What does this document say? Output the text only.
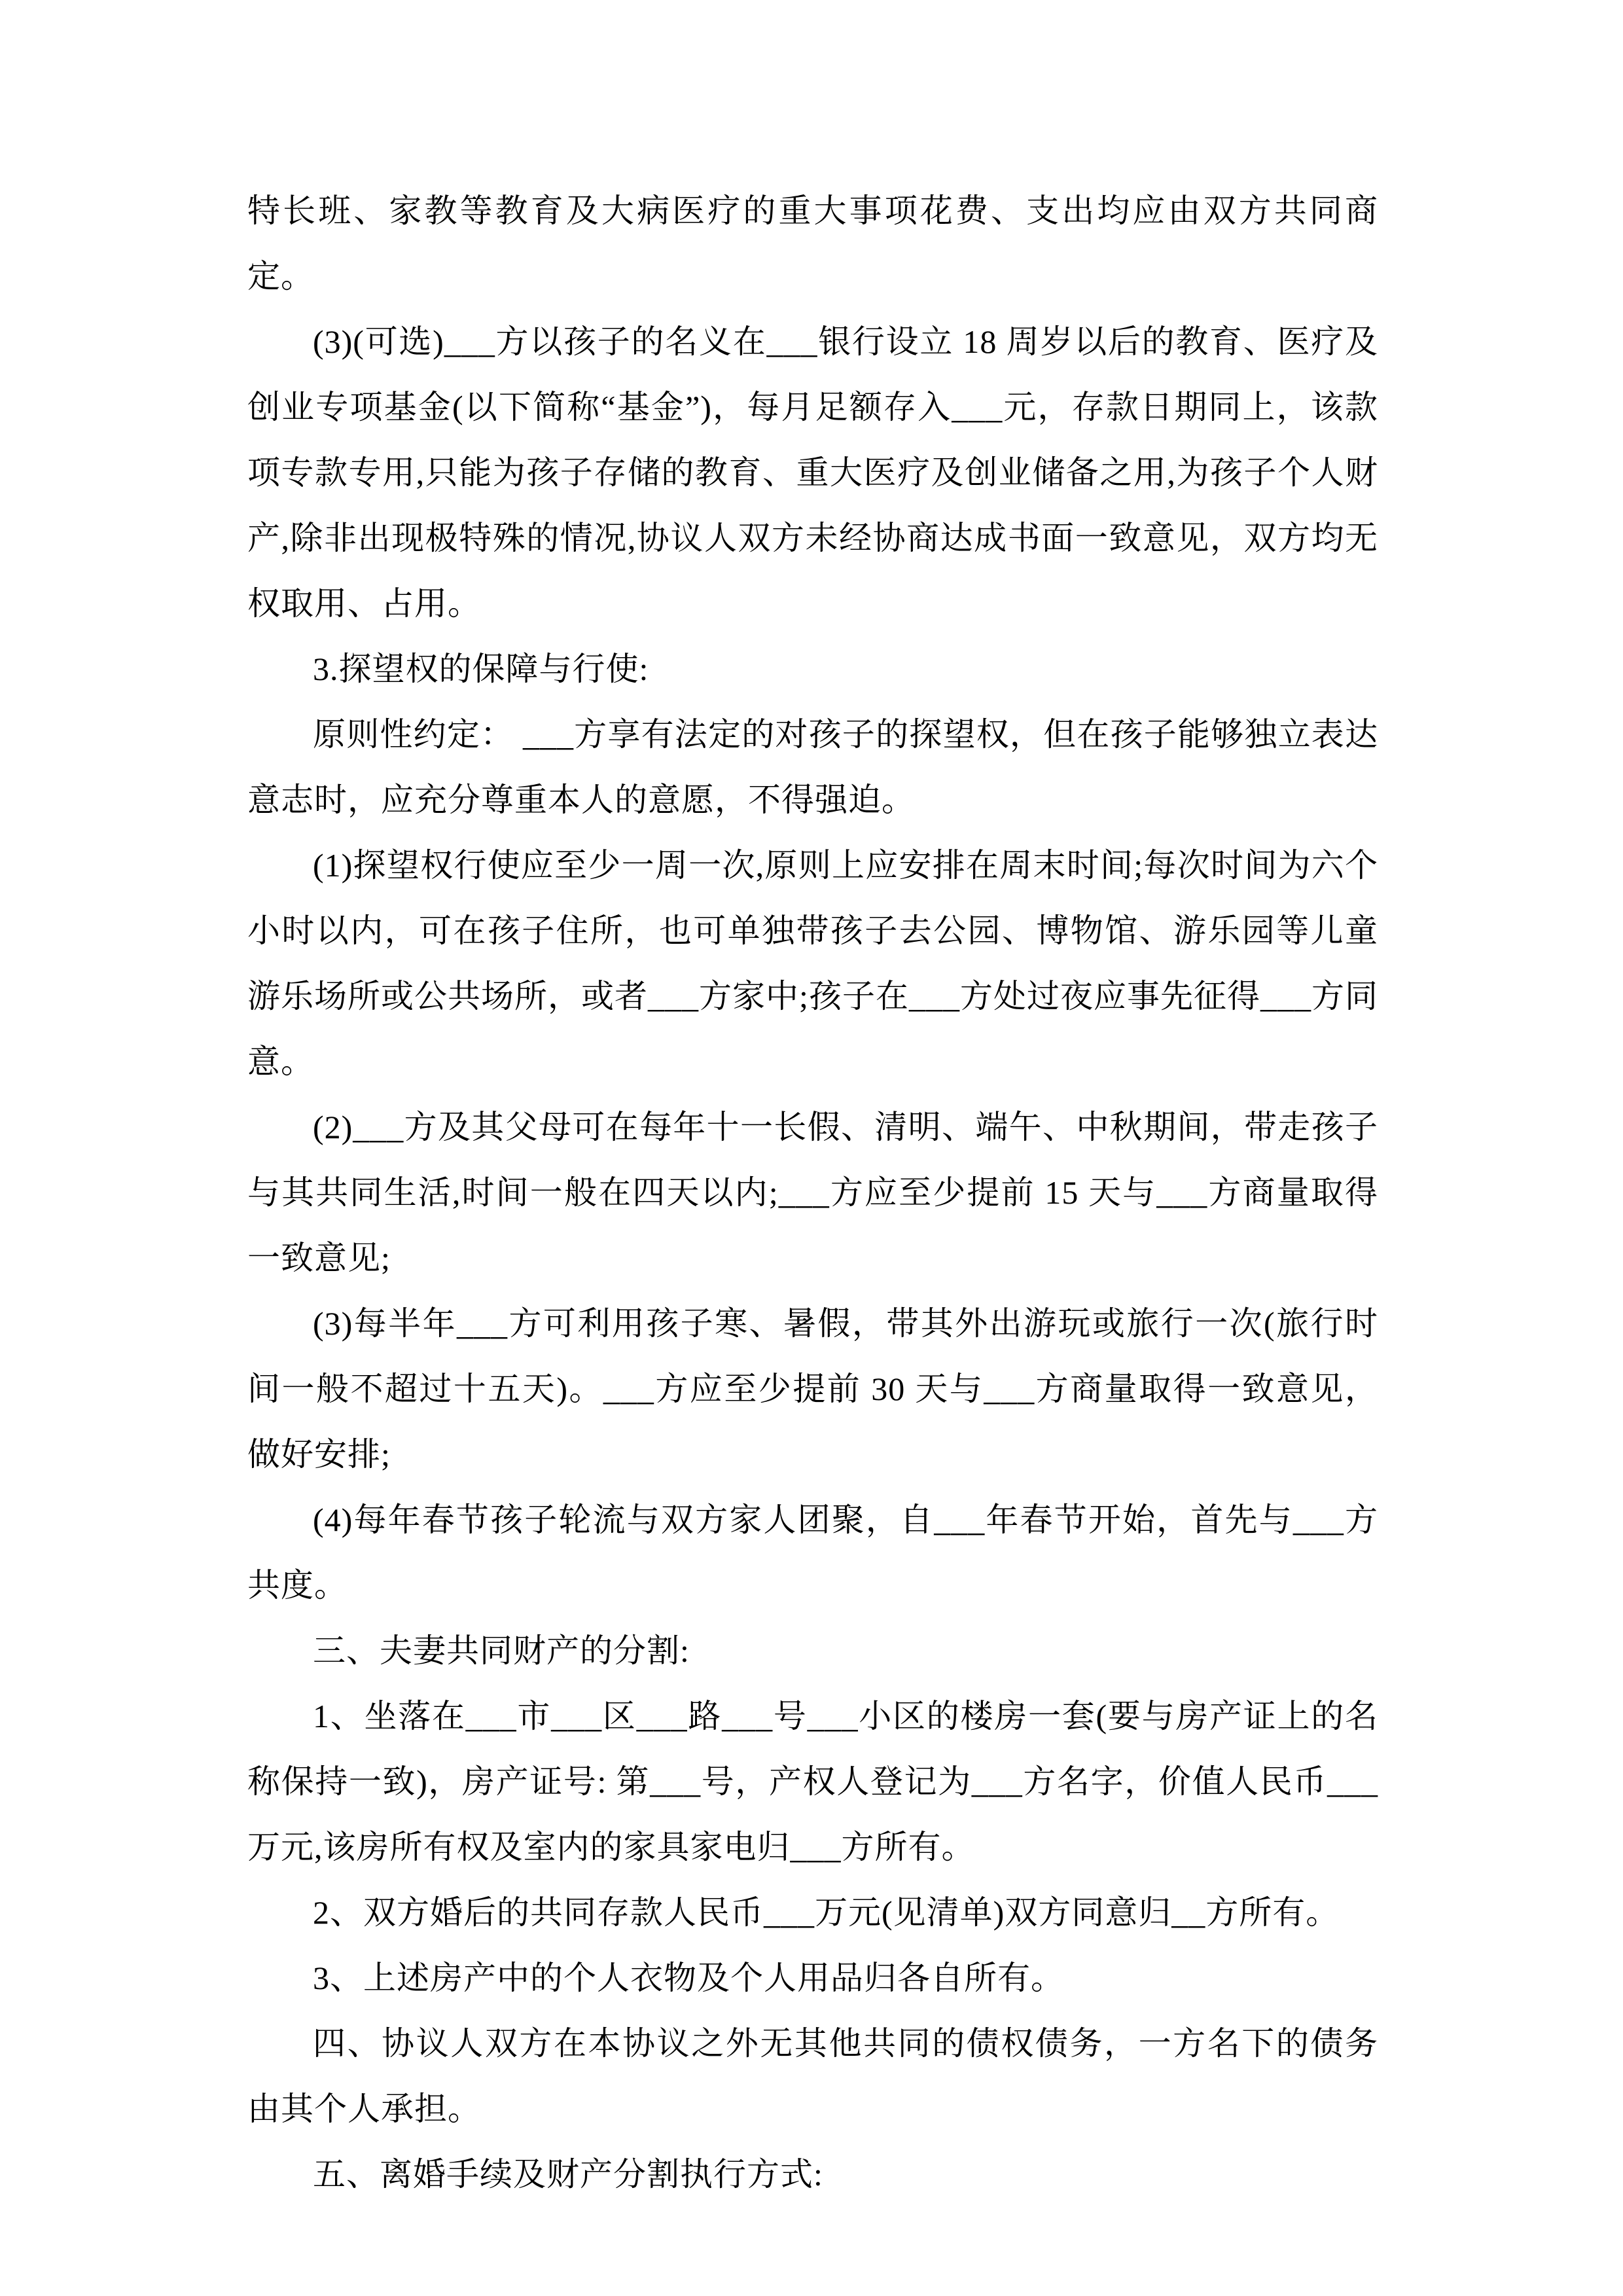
特长班、家教等教育及大病医疗的重大事项花费、支出均应由双方共同商定。

(3)(可选)___方以孩子的名义在___银行设立 18 周岁以后的教育、医疗及创业专项基金(以下简称“基金”)，每月足额存入___元，存款日期同上，该款项专款专用,只能为孩子存储的教育、重大医疗及创业储备之用,为孩子个人财产,除非出现极特殊的情况,协议人双方未经协商达成书面一致意见，双方均无权取用、占用。

3.探望权的保障与行使:

原则性约定： ___方享有法定的对孩子的探望权，但在孩子能够独立表达意志时，应充分尊重本人的意愿，不得强迫。

(1)探望权行使应至少一周一次,原则上应安排在周末时间;每次时间为六个小时以内，可在孩子住所，也可单独带孩子去公园、博物馆、游乐园等儿童游乐场所或公共场所，或者___方家中;孩子在___方处过夜应事先征得___方同意。

(2)___方及其父母可在每年十一长假、清明、端午、中秋期间，带走孩子与其共同生活,时间一般在四天以内;___方应至少提前 15 天与___方商量取得一致意见;

(3)每半年___方可利用孩子寒、暑假，带其外出游玩或旅行一次(旅行时间一般不超过十五天)。___方应至少提前 30 天与___方商量取得一致意见，做好安排;

(4)每年春节孩子轮流与双方家人团聚，自___年春节开始，首先与___方共度。

三、夫妻共同财产的分割:

1、坐落在___市___区___路___号___小区的楼房一套(要与房产证上的名称保持一致)，房产证号: 第___号，产权人登记为___方名字，价值人民币___万元,该房所有权及室内的家具家电归___方所有。

2、双方婚后的共同存款人民币___万元(见清单)双方同意归__方所有。

3、上述房产中的个人衣物及个人用品归各自所有。

四、协议人双方在本协议之外无其他共同的债权债务，一方名下的债务由其个人承担。

五、离婚手续及财产分割执行方式:
